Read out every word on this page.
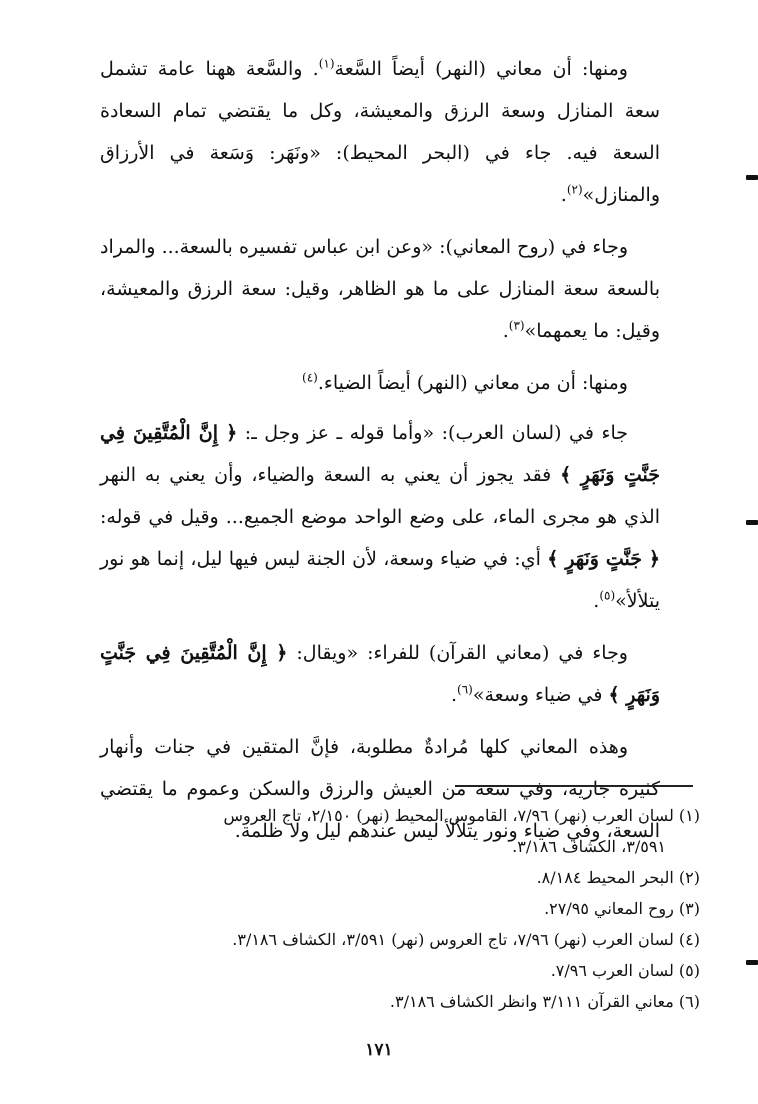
ومنها: أن معاني (النهر) أيضاً السَّعة$^{(١)}$. والسَّعة ههنا عامة تشمل سعة المنازل وسعة الرزق والمعيشة، وكل ما يقتضي تمام السعادة السعة فيه. جاء في (البحر المحيط): «ونَهَر: وَسَعة في الأرزاق والمنازل»$^{(٢)}$.

وجاء في (روح المعاني): «وعن ابن عباس تفسيره بالسعة... والمراد بالسعة سعة المنازل على ما هو الظاهر، وقيل: سعة الرزق والمعيشة، وقيل: ما يعمهما»$^{(٣)}$.

ومنها: أن من معاني (النهر) أيضاً الضياء.$^{(٤)}$

جاء في (لسان العرب): «وأما قوله ـ عز وجل ـ: ﴿ إِنَّ الْمُتَّقِينَ فِي جَنَّتٍ وَنَهَرٍ ﴾ فقد يجوز أن يعني به السعة والضياء، وأن يعني به النهر الذي هو مجرى الماء، على وضع الواحد موضع الجميع... وقيل في قوله: ﴿ جَنَّتٍ وَنَهَرٍ ﴾ أي: في ضياء وسعة، لأن الجنة ليس فيها ليل، إنما هو نور يتلألأ»$^{(٥)}$.

وجاء في (معاني القرآن) للفراء: «ويقال: ﴿ إِنَّ الْمُتَّقِينَ فِي جَنَّتٍ وَنَهَرٍ ﴾ في ضياء وسعة»$^{(٦)}$.

وهذه المعاني كلها مُرادةٌ مطلوبة، فإنَّ المتقين في جنات وأنهار كثيرة جارية، وفي سعة من العيش والرزق والسكن وعموم ما يقتضي السعة، وفي ضياء ونور يتلألأ ليس عندهم ليل ولا ظلمة.

(١) لسان العرب (نهر) ٧/٩٦، القاموس المحيط (نهر) ٢/١٥٠، تاج العروس

٣/٥٩١، الكشاف ٣/١٨٦.

(٢) البحر المحيط ٨/١٨٤.

(٣) روح المعاني ٢٧/٩٥.

(٤) لسان العرب (نهر) ٧/٩٦، تاج العروس (نهر) ٣/٥٩١، الكشاف ٣/١٨٦.

(٥) لسان العرب ٧/٩٦.

(٦) معاني القرآن ٣/١١١ وانظر الكشاف ٣/١٨٦.

١٧١
